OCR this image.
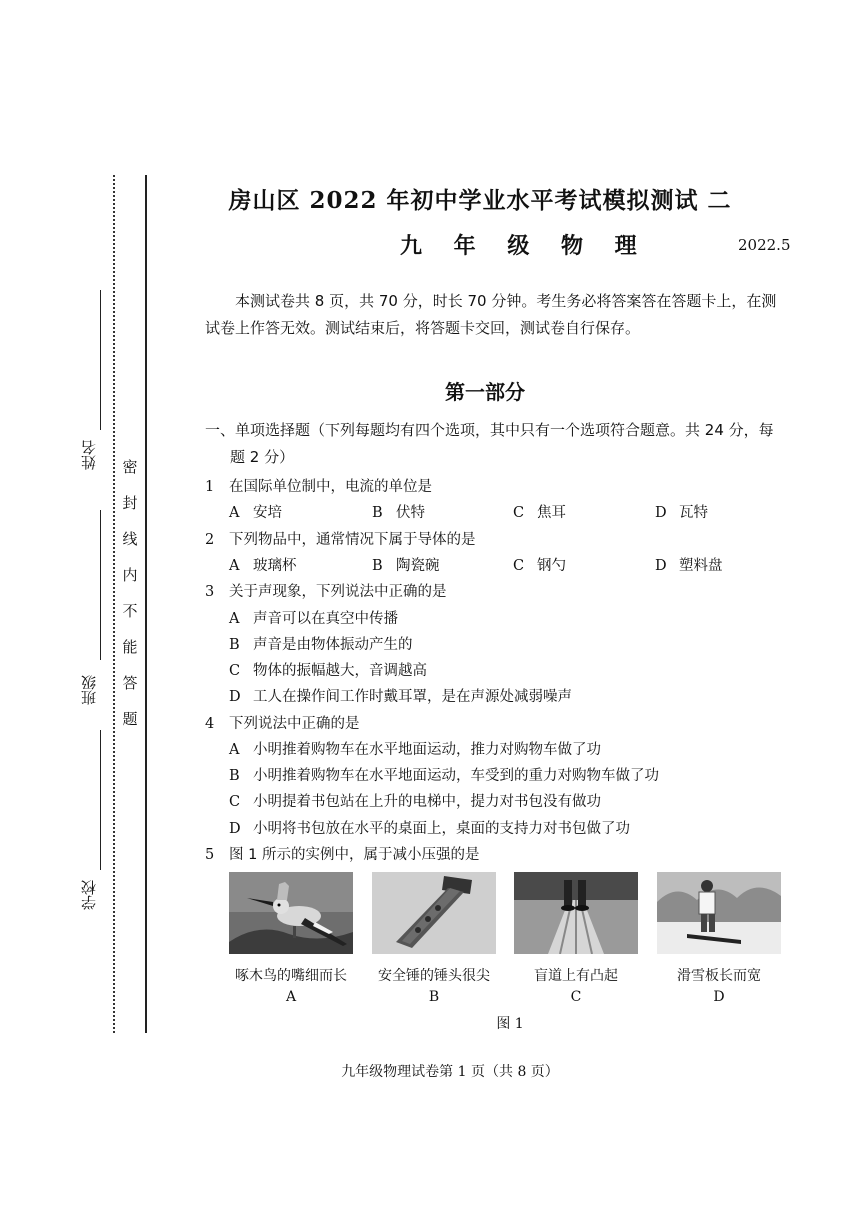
学校
班级
姓名 密
封
线
内
不
能
答
题
房山区 2022 年初中学业水平考试模拟测试 二
九 年 级 物 理	2022.5
本测试卷共 8 页，共 70 分，时长 70 分钟。考生务必将答案答在答题卡上，在测试卷上作答无效。测试结束后，将答题卡交回，测试卷自行保存。
第一部分
一、单项选择题（下列每题均有四个选项，其中只有一个选项符合题意。共 24 分，每
题 2 分）
1 在国际单位制中，电流的单位是
A 安培	B 伏特	C 焦耳	D 瓦特
2 下列物品中，通常情况下属于导体的是
A 玻璃杯	B 陶瓷碗	C 钢勺	D 塑料盘
3 关于声现象，下列说法中正确的是
A 声音可以在真空中传播
B 声音是由物体振动产生的
C 物体的振幅越大，音调越高
D 工人在操作间工作时戴耳罩，是在声源处减弱噪声
4 下列说法中正确的是
A 小明推着购物车在水平地面运动，推力对购物车做了功
B 小明推着购物车在水平地面运动，车受到的重力对购物车做了功
C 小明提着书包站在上升的电梯中，提力对书包没有做功
D 小明将书包放在水平的桌面上，桌面的支持力对书包做了功
5 图 1 所示的实例中，属于减小压强的是
啄木鸟的嘴细而长	安全锤的锤头很尖	盲道上有凸起	滑雪板长而宽
A	B	C	D
图 1
九年级物理试卷第 1 页（共 8 页）
